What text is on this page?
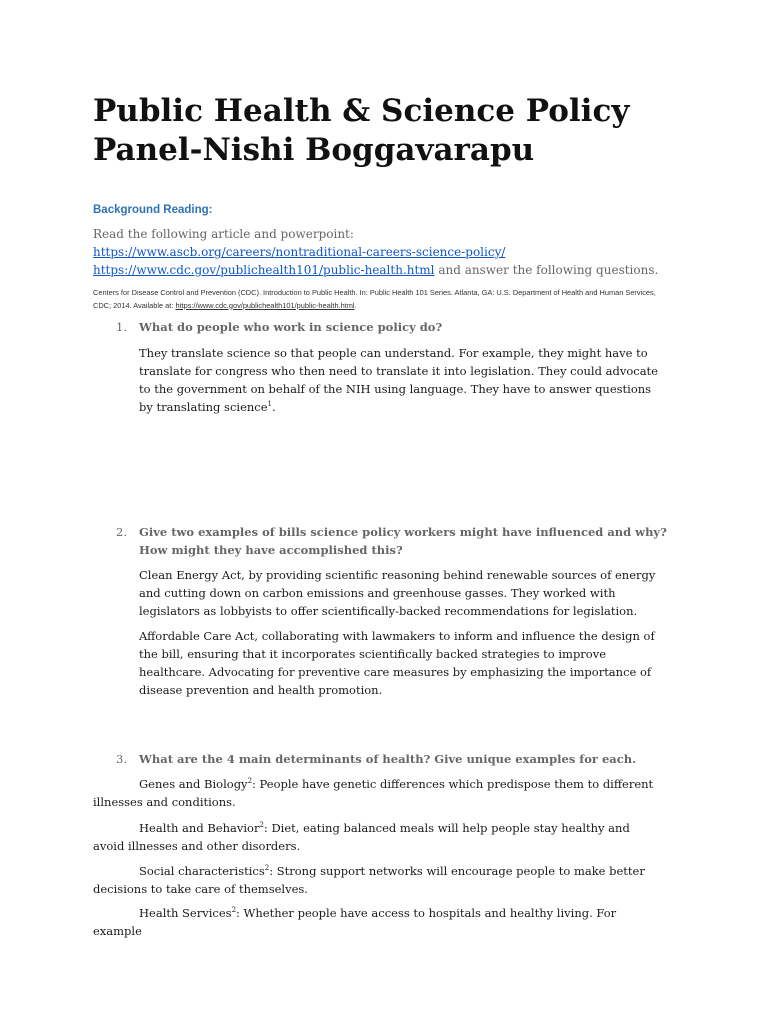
Public Health & Science Policy Panel-Nishi Boggavarapu
Background Reading:
Read the following article and powerpoint:
https://www.ascb.org/careers/nontraditional-careers-science-policy/
https://www.cdc.gov/publichealth101/public-health.html and answer the following questions.
Centers for Disease Control and Prevention (CDC). Introduction to Public Health. In: Public Health 101 Series. Atlanta, GA: U.S. Department of Health and Human Services, CDC; 2014. Available at: https://www.cdc.gov/publichealth101/public-health.html.
1. What do people who work in science policy do?
They translate science so that people can understand. For example, they might have to translate for congress who then need to translate it into legislation. They could advocate to the government on behalf of the NIH using language. They have to answer questions by translating science$^1$.
2. Give two examples of bills science policy workers might have influenced and why? How might they have accomplished this?
Clean Energy Act, by providing scientific reasoning behind renewable sources of energy and cutting down on carbon emissions and greenhouse gasses. They worked with legislators as lobbyists to offer scientifically-backed recommendations for legislation.
Affordable Care Act, collaborating with lawmakers to inform and influence the design of the bill, ensuring that it incorporates scientifically backed strategies to improve healthcare. Advocating for preventive care measures by emphasizing the importance of disease prevention and health promotion.
3. What are the 4 main determinants of health? Give unique examples for each.
Genes and Biology$^2$: People have genetic differences which predispose them to different illnesses and conditions.
Health and Behavior$^2$: Diet, eating balanced meals will help people stay healthy and avoid illnesses and other disorders.
Social characteristics$^2$: Strong support networks will encourage people to make better decisions to take care of themselves.
Health Services$^2$: Whether people have access to hospitals and healthy living. For example
